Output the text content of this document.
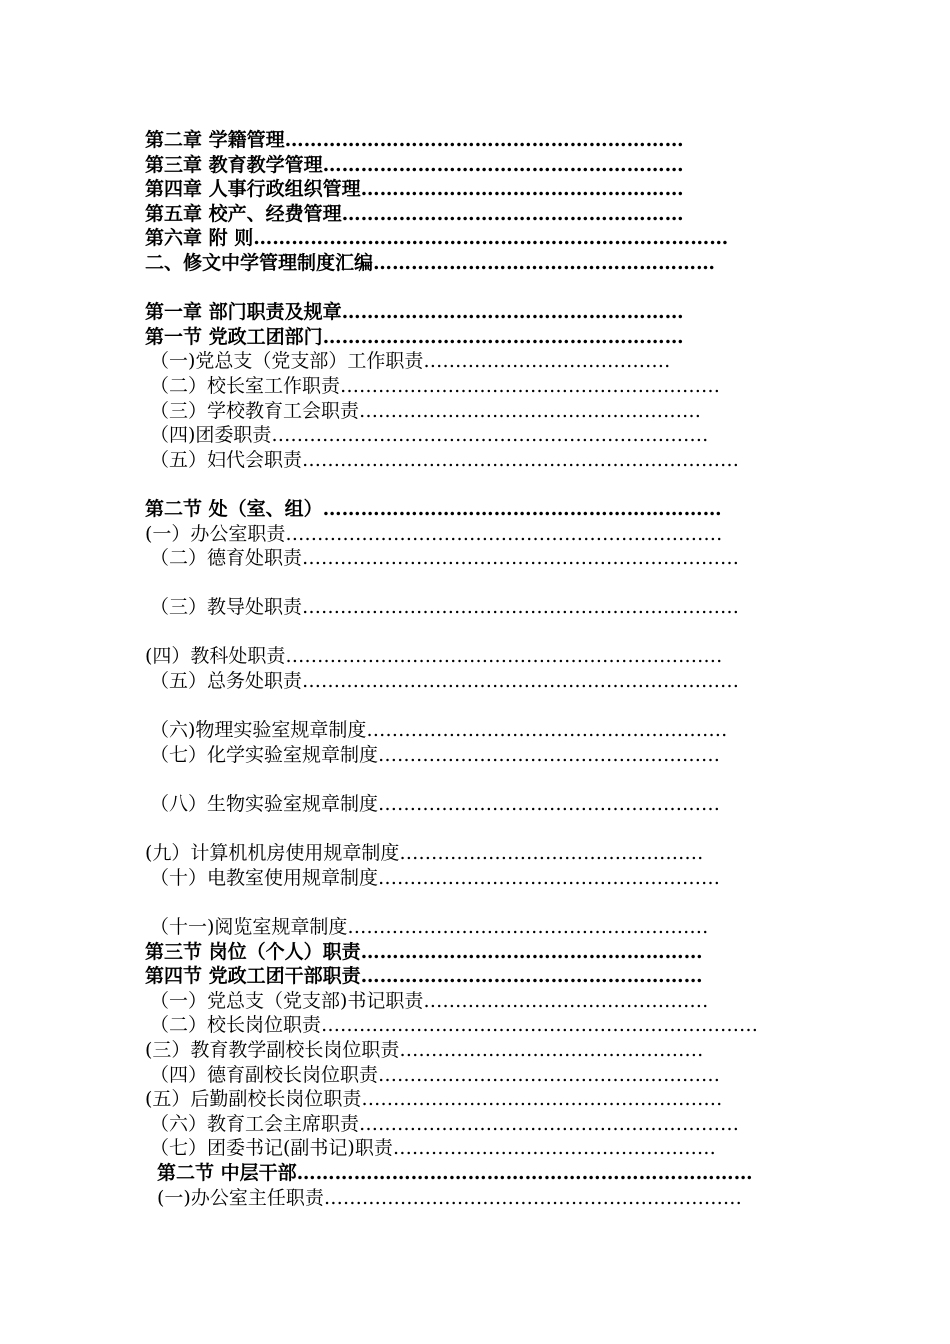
第二章 学籍管理………………………………………………………
第三章 教育教学管理…………………………………………………
第四章 人事行政组织管理……………………………………………
第五章 校产、经费管理………………………………………………
第六章 附 则…………………………………………………………………
二、修文中学管理制度汇编………………………………………………
第一章 部门职责及规章………………………………………………
第一节 党政工团部门…………………………………………………
（一)党总支（党支部）工作职责…………………………………
（二）校长室工作职责……………………………………………………
（三）学校教育工会职责………………………………………………
（四)团委职责……………………………………………………………
（五）妇代会职责……………………………………………………………
第二节 处（室、组）………………………………………………………
(一）办公室职责……………………………………………………………
（二）德育处职责……………………………………………………………
（三）教导处职责……………………………………………………………
(四）教科处职责……………………………………………………………
（五）总务处职责……………………………………………………………
（六)物理实验室规章制度…………………………………………………
（七）化学实验室规章制度………………………………………………
（八）生物实验室规章制度………………………………………………
(九）计算机机房使用规章制度…………………………………………
（十）电教室使用规章制度………………………………………………
（十一)阅览室规章制度…………………………………………………
第三节 岗位（个人）职责………………………………………………
第四节 党政工团干部职责………………………………………………
（一）党总支（党支部)书记职责………………………………………
（二）校长岗位职责……………………………………………………………
(三）教育教学副校长岗位职责…………………………………………
（四）德育副校长岗位职责………………………………………………
(五）后勤副校长岗位职责…………………………………………………
（六）教育工会主席职责……………………………………………………
（七）团委书记(副书记)职责……………………………………………
第二节 中层干部………………………………………………………………
(一)办公室主任职责…………………………………………………………
